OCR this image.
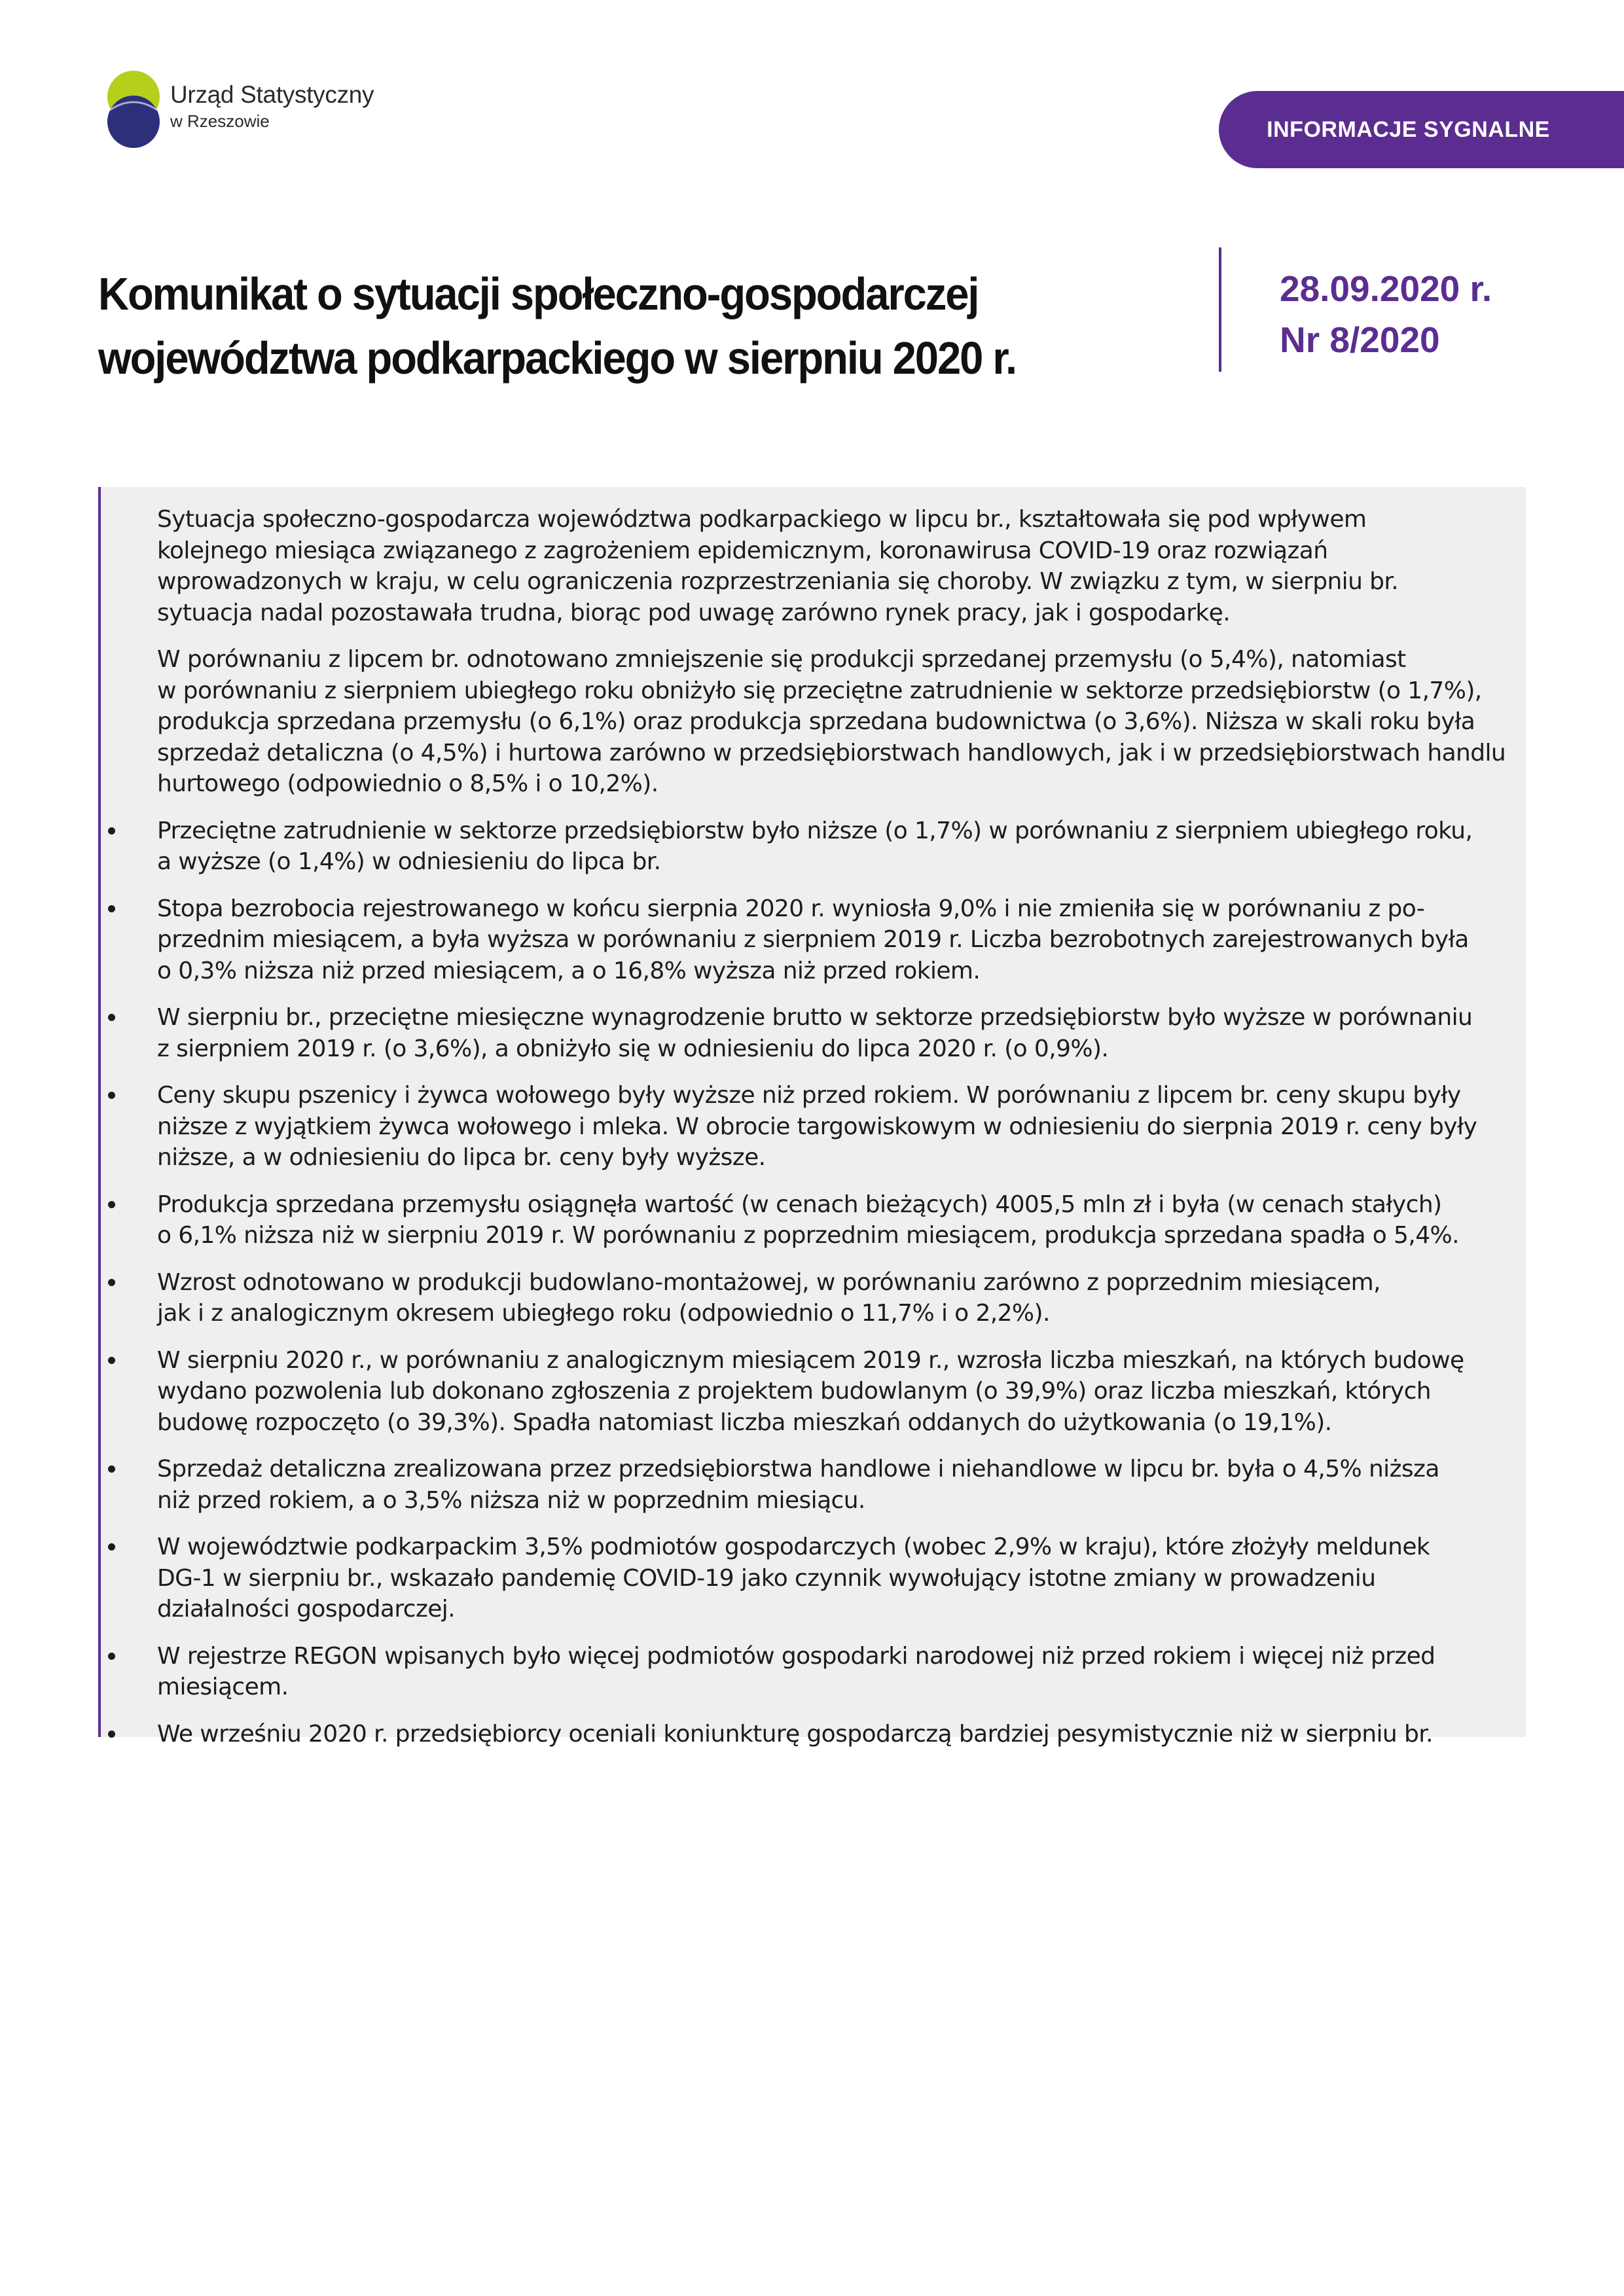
Urząd Statystyczny
w Rzeszowie	INFORMACJE SYGNALNE
Komunikat o sytuacji społeczno-gospodarczej
województwa podkarpackiego w sierpniu 2020 r.
28.09.2020 r.
Nr 8/2020

Sytuacja społeczno-gospodarcza województwa podkarpackiego w lipcu br., kształtowała się pod wpływem
kolejnego miesiąca związanego z zagrożeniem epidemicznym, koronawirusa COVID-19 oraz rozwiązań
wprowadzonych w kraju, w celu ograniczenia rozprzestrzeniania się choroby. W związku z tym, w sierpniu br.
sytuacja nadal pozostawała trudna, biorąc pod uwagę zarówno rynek pracy, jak i gospodarkę.

W porównaniu z lipcem br. odnotowano zmniejszenie się produkcji sprzedanej przemysłu (o 5,4%), natomiast
w porównaniu z sierpniem ubiegłego roku obniżyło się przeciętne zatrudnienie w sektorze przedsiębiorstw (o 1,7%),
produkcja sprzedana przemysłu (o 6,1%) oraz produkcja sprzedana budownictwa (o 3,6%). Niższa w skali roku była
sprzedaż detaliczna (o 4,5%) i hurtowa zarówno w przedsiębiorstwach handlowych, jak i w przedsiębiorstwach handlu
hurtowego (odpowiednio o 8,5% i o 10,2%).

Przeciętne zatrudnienie w sektorze przedsiębiorstw było niższe (o 1,7%) w porównaniu z sierpniem ubiegłego roku,
a wyższe (o 1,4%) w odniesieniu do lipca br.
Stopa bezrobocia rejestrowanego w końcu sierpnia 2020 r. wyniosła 9,0% i nie zmieniła się w porównaniu z po-
przednim miesiącem, a była wyższa w porównaniu z sierpniem 2019 r. Liczba bezrobotnych zarejestrowanych była
o 0,3% niższa niż przed miesiącem, a o 16,8% wyższa niż przed rokiem.
W sierpniu br., przeciętne miesięczne wynagrodzenie brutto w sektorze przedsiębiorstw było wyższe w porównaniu
z sierpniem 2019 r. (o 3,6%), a obniżyło się w odniesieniu do lipca 2020 r. (o 0,9%).
Ceny skupu pszenicy i żywca wołowego były wyższe niż przed rokiem. W porównaniu z lipcem br. ceny skupu były
niższe z wyjątkiem żywca wołowego i mleka. W obrocie targowiskowym w odniesieniu do sierpnia 2019 r. ceny były
niższe, a w odniesieniu do lipca br. ceny były wyższe.
Produkcja sprzedana przemysłu osiągnęła wartość (w cenach bieżących) 4005,5 mln zł i była (w cenach stałych)
o 6,1% niższa niż w sierpniu 2019 r. W porównaniu z poprzednim miesiącem, produkcja sprzedana spadła o 5,4%.
Wzrost odnotowano w produkcji budowlano-montażowej, w porównaniu zarówno z poprzednim miesiącem,
jak i z analogicznym okresem ubiegłego roku (odpowiednio o 11,7% i o 2,2%).
W sierpniu 2020 r., w porównaniu z analogicznym miesiącem 2019 r., wzrosła liczba mieszkań, na których budowę
wydano pozwolenia lub dokonano zgłoszenia z projektem budowlanym (o 39,9%) oraz liczba mieszkań, których
budowę rozpoczęto (o 39,3%). Spadła natomiast liczba mieszkań oddanych do użytkowania (o 19,1%).
Sprzedaż detaliczna zrealizowana przez przedsiębiorstwa handlowe i niehandlowe w lipcu br. była o 4,5% niższa
niż przed rokiem, a o 3,5% niższa niż w poprzednim miesiącu.
W województwie podkarpackim 3,5% podmiotów gospodarczych (wobec 2,9% w kraju), które złożyły meldunek
DG-1 w sierpniu br., wskazało pandemię COVID-19 jako czynnik wywołujący istotne zmiany w prowadzeniu
działalności gospodarczej.
W rejestrze REGON wpisanych było więcej podmiotów gospodarki narodowej niż przed rokiem i więcej niż przed
miesiącem.
We wrześniu 2020 r. przedsiębiorcy oceniali koniunkturę gospodarczą bardziej pesymistycznie niż w sierpniu br.
